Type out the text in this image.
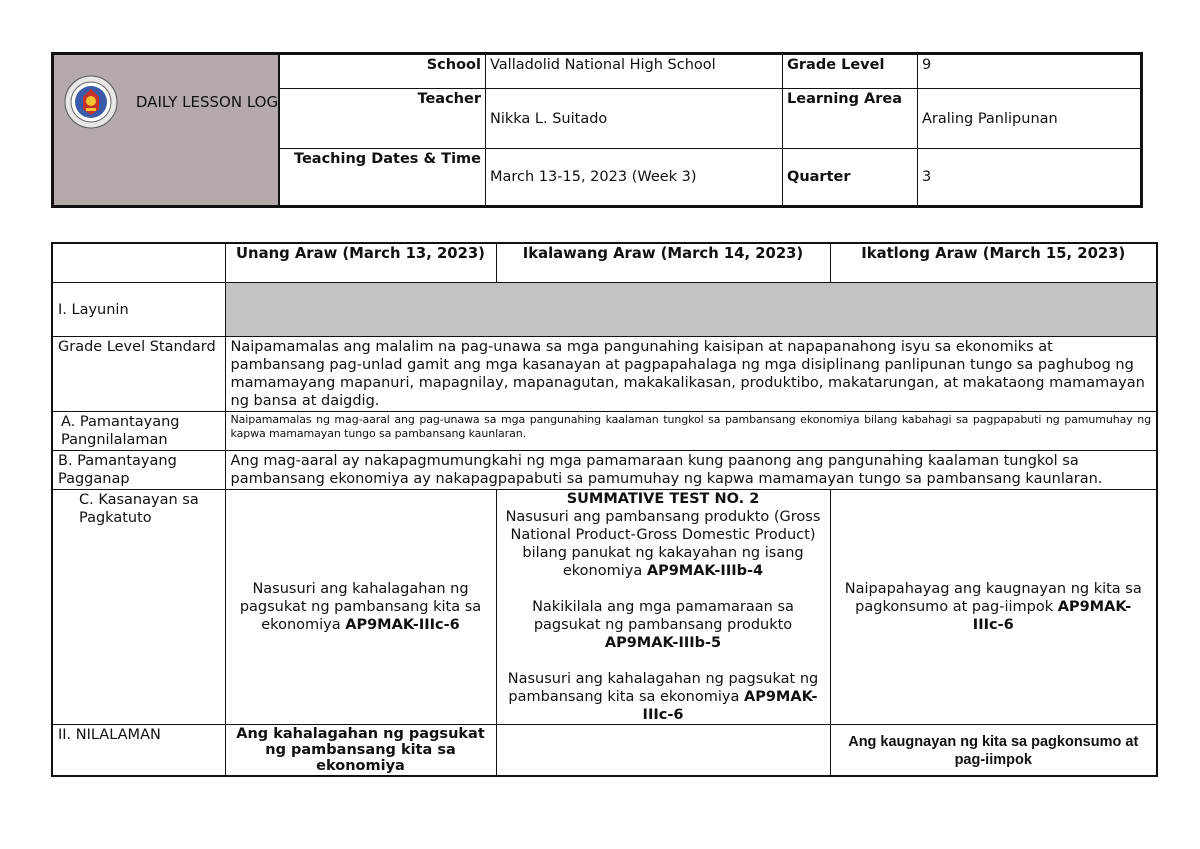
DAILY LESSON LOG	School	Valladolid National High School	Grade Level	9
	Teacher	Nikka L. Suitado	Learning Area	Araling Panlipunan
	Teaching Dates & Time	March 13-15, 2023 (Week 3)	Quarter	3
	Unang Araw (March 13, 2023)	Ikalawang Araw (March 14, 2023)	Ikatlong Araw (March 15, 2023)
I. Layunin			
Grade Level Standard	Naipamamalas ang malalim na pag-unawa sa mga pangunahing kaisipan at napapanahong isyu sa ekonomiks at pambansang pag-unlad gamit ang mga kasanayan at pagpapahalaga ng mga disiplinang panlipunan tungo sa paghubog ng mamamayang mapanuri, mapagnilay, mapanagutan, makakalikasan, produktibo, makatarungan, at makataong mamamayan ng bansa at daigdig.		
A. Pamantayang Pangnilalaman	Naipamamalas ng mag-aaral ang pag-unawa sa mga pangunahing kaalaman tungkol sa pambansang ekonomiya bilang kabahagi sa pagpapabuti ng pamumuhay ng kapwa mamamayan tungo sa pambansang kaunlaran.		
B. Pamantayang Pagganap	Ang mag-aaral ay nakapagmumungkahi ng mga pamamaraan kung paanong ang pangunahing kaalaman tungkol sa pambansang ekonomiya ay nakapagpapabuti sa pamumuhay ng kapwa mamamayan tungo sa pambansang kaunlaran.		
C. Kasanayan sa Pagkatuto	Nasusuri ang kahalagahan ng pagsukat ng pambansang kita sa ekonomiya AP9MAK-IIIc-6	SUMMATIVE TEST NO. 2
Nasusuri ang pambansang produkto (Gross National Product-Gross Domestic Product) bilang panukat ng kakayahan ng isang ekonomiya AP9MAK-IIIb-4
Nakikilala ang mga pamamaraan sa pagsukat ng pambansang produkto AP9MAK-IIIb-5
Nasusuri ang kahalagahan ng pagsukat ng pambansang kita sa ekonomiya AP9MAK-IIIc-6	Naipapahayag ang kaugnayan ng kita sa pagkonsumo at pag-iimpok AP9MAK-IIIc-6
II. NILALAMAN	Ang kahalagahan ng pagsukat ng pambansang kita sa ekonomiya		Ang kaugnayan ng kita sa pagkonsumo at pag-iimpok
